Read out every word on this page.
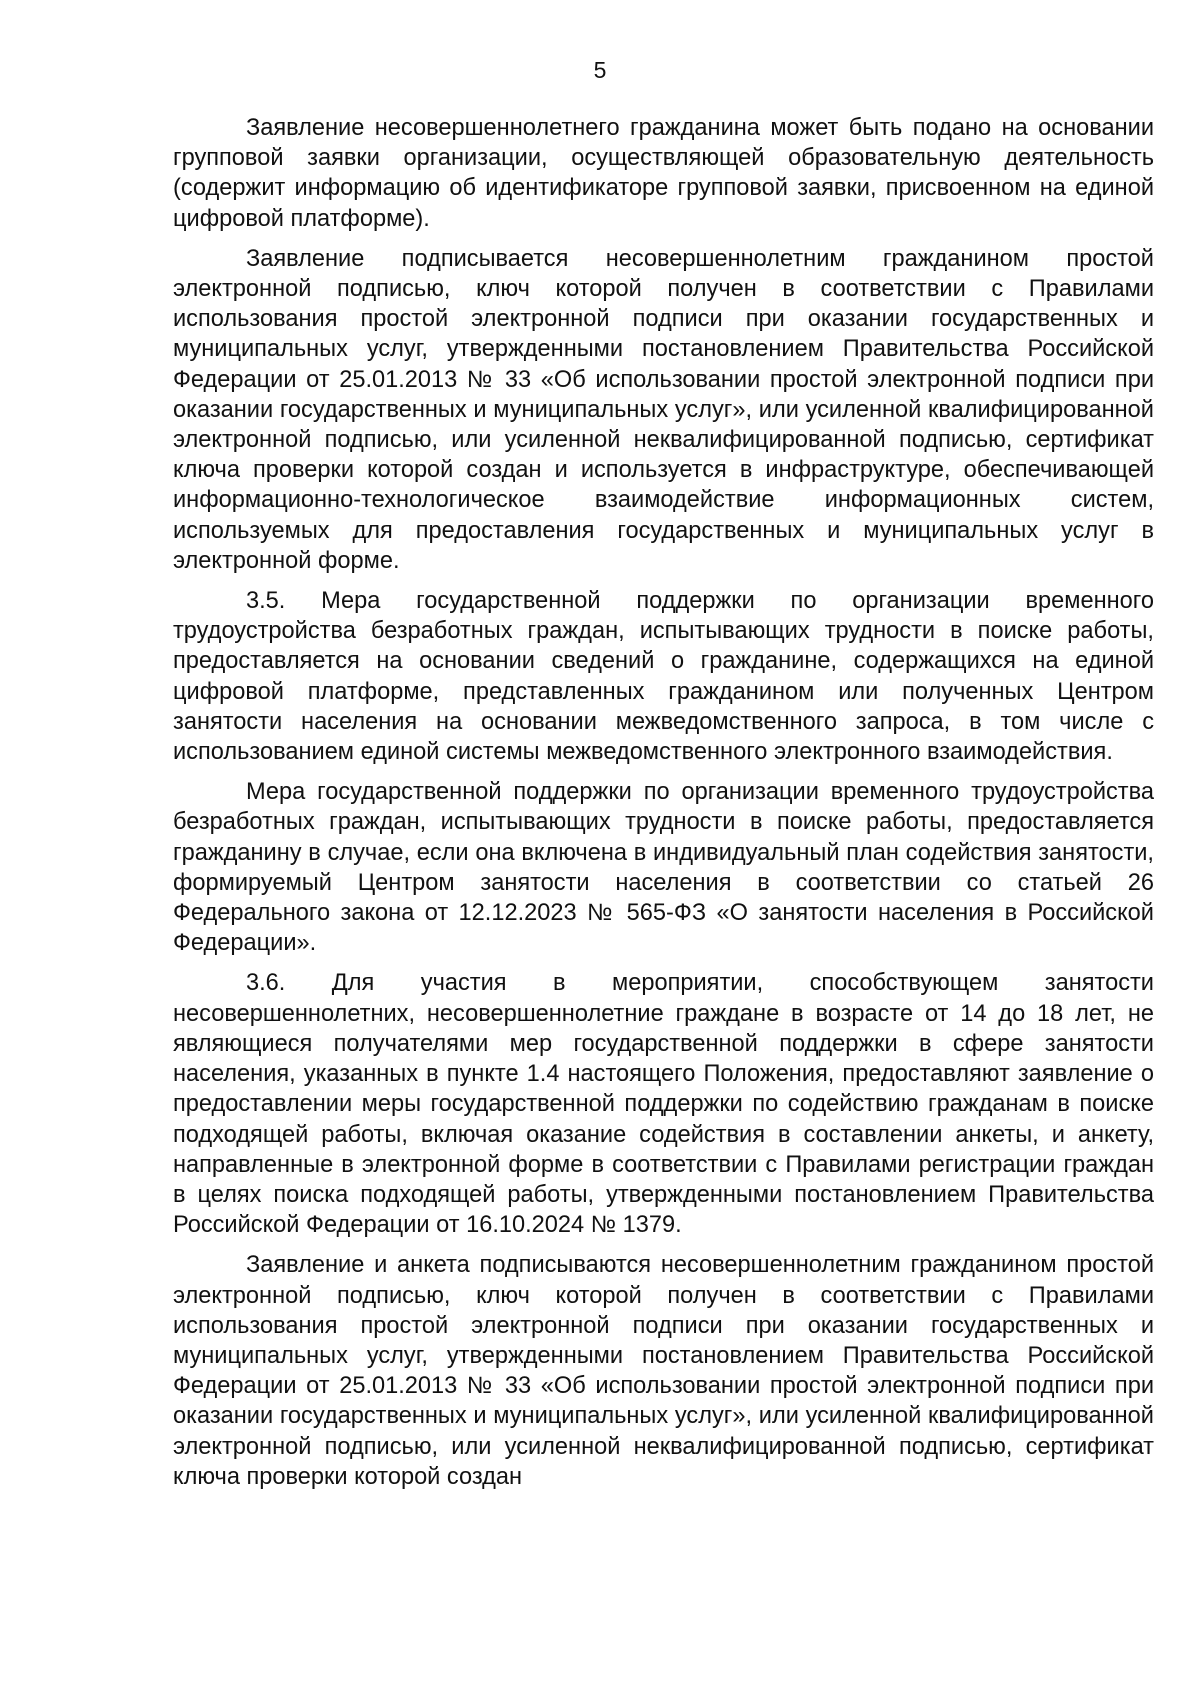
5

Заявление несовершеннолетнего гражданина может быть подано на основании групповой заявки организации, осуществляющей образовательную деятельность (содержит информацию об идентификаторе групповой заявки, присвоенном на единой цифровой платформе).

Заявление подписывается несовершеннолетним гражданином простой электронной подписью, ключ которой получен в соответствии с Правилами использования простой электронной подписи при оказании государственных и муниципальных услуг, утвержденными постановлением Правительства Российской Федерации от 25.01.2013 № 33 «Об использовании простой электронной подписи при оказании государственных и муниципальных услуг», или усиленной квалифицированной электронной подписью, или усиленной неквалифицированной подписью, сертификат ключа проверки которой создан и используется в инфраструктуре, обеспечивающей информационно-технологическое взаимодействие информационных систем, используемых для предоставления государственных и муниципальных услуг в электронной форме.

3.5. Мера государственной поддержки по организации временного трудоустройства безработных граждан, испытывающих трудности в поиске работы, предоставляется на основании сведений о гражданине, содержащихся на единой цифровой платформе, представленных гражданином или полученных Центром занятости населения на основании межведомственного запроса, в том числе с использованием единой системы межведомственного электронного взаимодействия.

Мера государственной поддержки по организации временного трудоустройства безработных граждан, испытывающих трудности в поиске работы, предоставляется гражданину в случае, если она включена в индивидуальный план содействия занятости, формируемый Центром занятости населения в соответствии со статьей 26 Федерального закона от 12.12.2023 № 565-ФЗ «О занятости населения в Российской Федерации».

3.6. Для участия в мероприятии, способствующем занятости несовершеннолетних, несовершеннолетние граждане в возрасте от 14 до 18 лет, не являющиеся получателями мер государственной поддержки в сфере занятости населения, указанных в пункте 1.4 настоящего Положения, предоставляют заявление о предоставлении меры государственной поддержки по содействию гражданам в поиске подходящей работы, включая оказание содействия в составлении анкеты, и анкету, направленные в электронной форме в соответствии с Правилами регистрации граждан в целях поиска подходящей работы, утвержденными постановлением Правительства Российской Федерации от 16.10.2024 № 1379.

Заявление и анкета подписываются несовершеннолетним гражданином простой электронной подписью, ключ которой получен в соответствии с Правилами использования простой электронной подписи при оказании государственных и муниципальных услуг, утвержденными постановлением Правительства Российской Федерации от 25.01.2013 № 33 «Об использовании простой электронной подписи при оказании государственных и муниципальных услуг», или усиленной квалифицированной электронной подписью, или усиленной неквалифицированной подписью, сертификат ключа проверки которой создан
